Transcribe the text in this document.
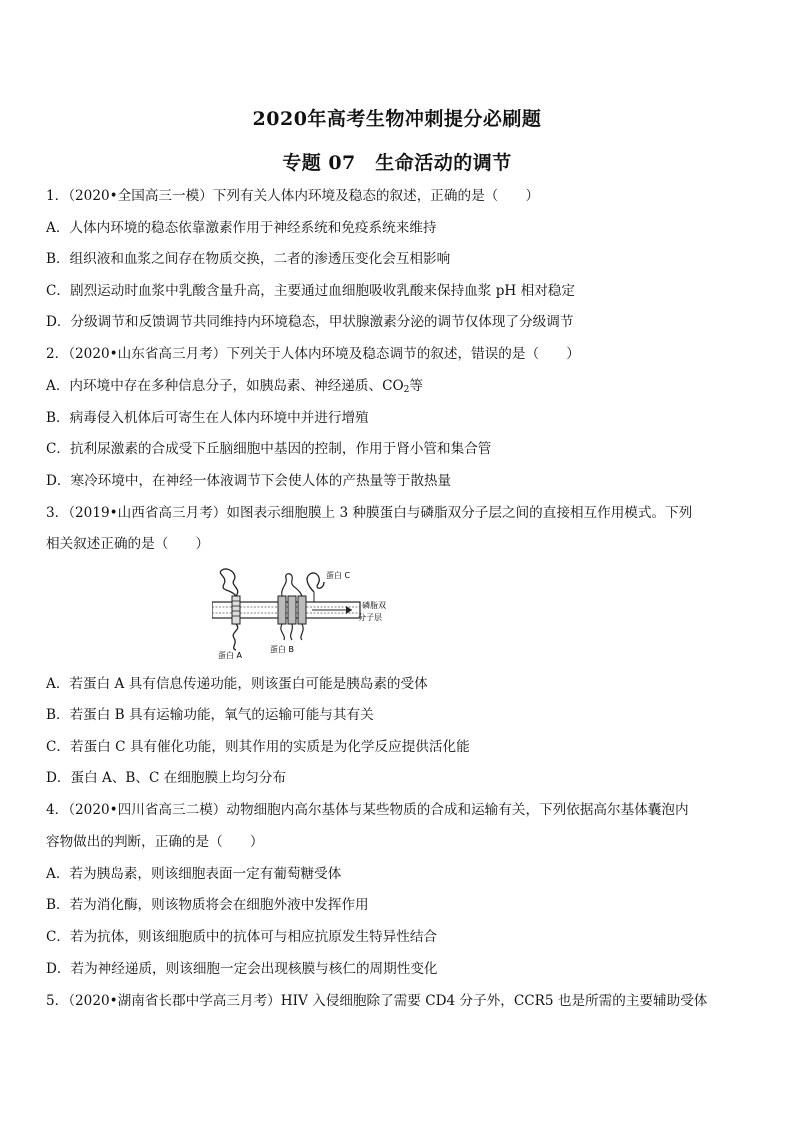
2020年高考生物冲刺提分必刷题
专题 07　生命活动的调节
1．（2020•全国高三一模）下列有关人体内环境及稳态的叙述，正确的是（　　）
A．人体内环境的稳态依靠激素作用于神经系统和免疫系统来维持
B．组织液和血浆之间存在物质交换，二者的渗透压变化会互相影响
C．剧烈运动时血浆中乳酸含量升高，主要通过血细胞吸收乳酸来保持血浆 pH 相对稳定
D．分级调节和反馈调节共同维持内环境稳态，甲状腺激素分泌的调节仅体现了分级调节
2．（2020•山东省高三月考）下列关于人体内环境及稳态调节的叙述，错误的是（　　）
A．内环境中存在多种信息分子，如胰岛素、神经递质、$CO_2$等
B．病毒侵入机体后可寄生在人体内环境中并进行增殖
C．抗利尿激素的合成受下丘脑细胞中基因的控制，作用于肾小管和集合管
D．寒冷环境中，在神经一体液调节下会使人体的产热量等于散热量
3．（2019•山西省高三月考）如图表示细胞膜上 3 种膜蛋白与磷脂双分子层之间的直接相互作用模式。下列
相关叙述正确的是（　　）
蛋白 A
蛋白 B
蛋白 C
磷脂双
分子层
A．若蛋白 A 具有信息传递功能，则该蛋白可能是胰岛素的受体
B．若蛋白 B 具有运输功能，氧气的运输可能与其有关
C．若蛋白 C 具有催化功能，则其作用的实质是为化学反应提供活化能
D．蛋白 A、B、C 在细胞膜上均匀分布
4．（2020•四川省高三二模）动物细胞内高尔基体与某些物质的合成和运输有关，下列依据高尔基体囊泡内
容物做出的判断，正确的是（　　）
A．若为胰岛素，则该细胞表面一定有葡萄糖受体
B．若为消化酶，则该物质将会在细胞外液中发挥作用
C．若为抗体，则该细胞质中的抗体可与相应抗原发生特异性结合
D．若为神经递质，则该细胞一定会出现核膜与核仁的周期性变化
5．（2020•湖南省长郡中学高三月考）HIV 入侵细胞除了需要 CD4 分子外，CCR5 也是所需的主要辅助受体
